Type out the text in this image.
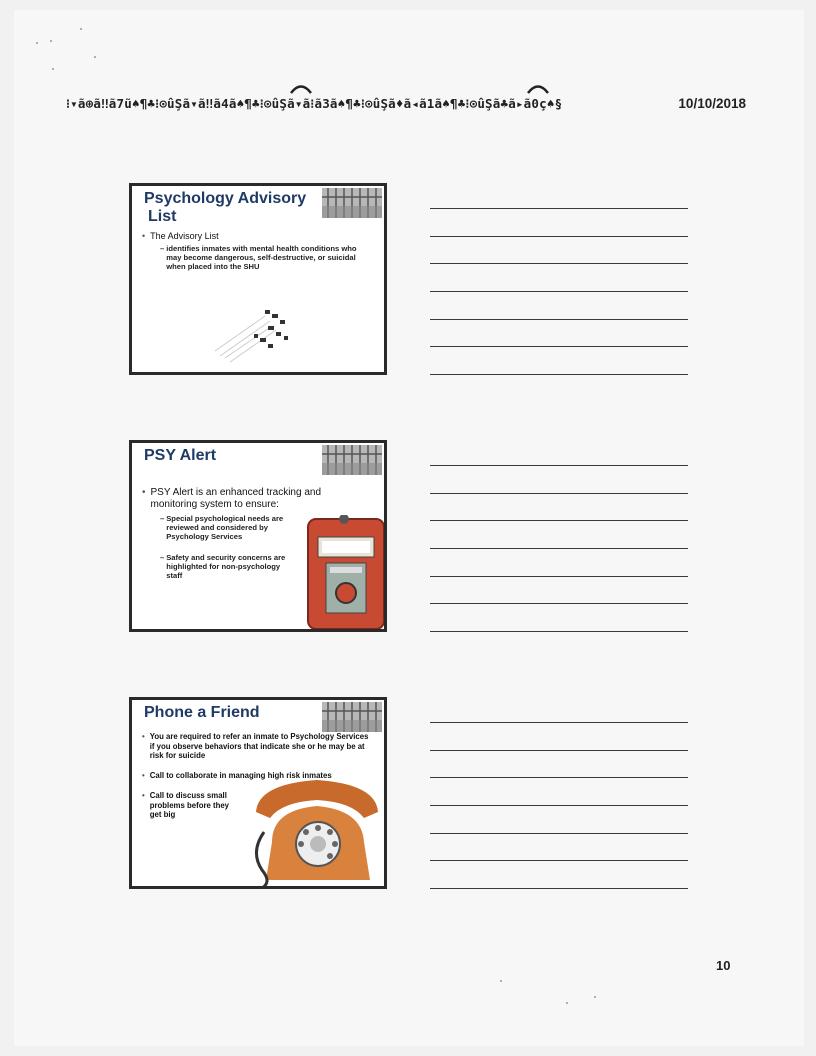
⁝▾ã⊕ã‼ã7ũ♠¶♣⁝⊙ûŞã▾ã‼ã4ã♠¶♣⁝⊙ûŞã▾ã⁝ã3ã♠¶♣⁝⊙ûŞã♦ã◂ã1ã♠¶♣⁝⊙ûŞã♣ã▸ã0ç♠§	10/10/2018
Psychology Advisory
List
• The Advisory List
– identifies inmates with mental health conditions who may become dangerous, self-destructive, or suicidal when placed into the SHU
PSY Alert
• PSY Alert is an enhanced tracking and monitoring system to ensure:
– Special psychological needs are reviewed and considered by Psychology Services
– Safety and security concerns are highlighted for non-psychology staff
Phone a Friend
• You are required to refer an inmate to Psychology Services if you observe behaviors that indicate she or he may be at risk for suicide
• Call to collaborate in managing high risk inmates
• Call to discuss small problems before they get big
10
